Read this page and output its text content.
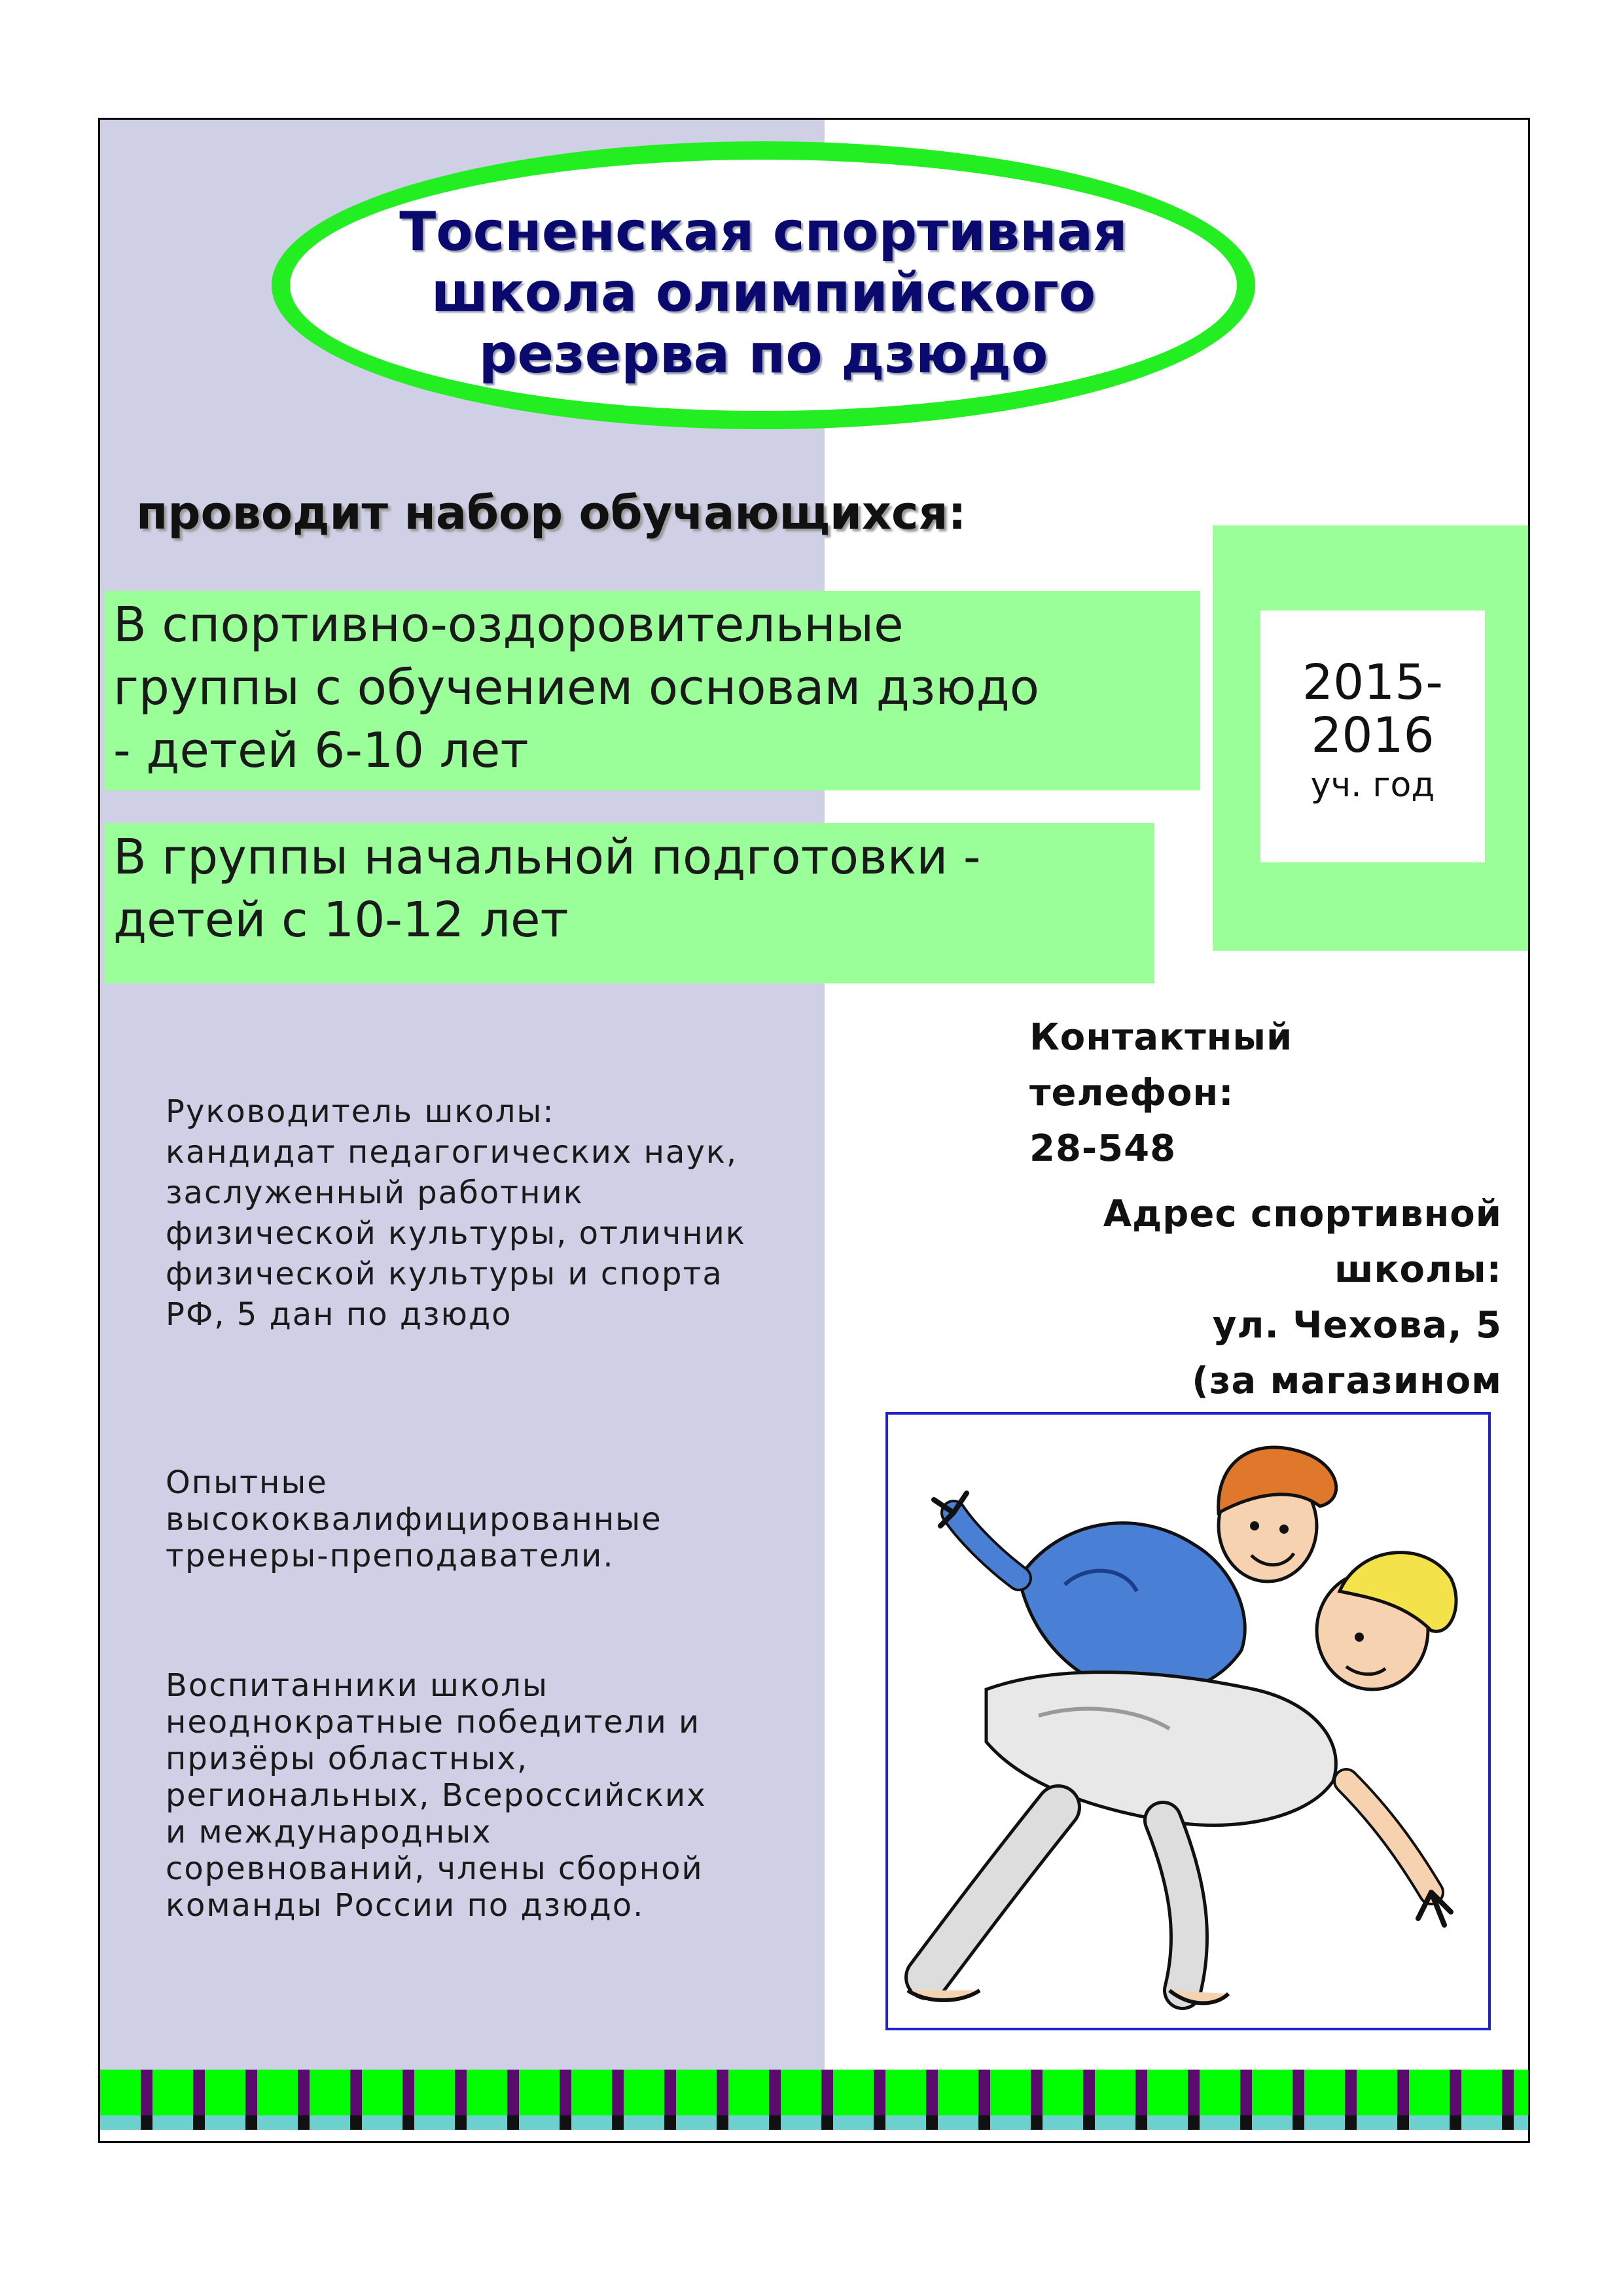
Тосненская спортивная
школа олимпийского
резерва по дзюдо
проводит набор обучающихся:
В спортивно-оздоровительные
группы с обучением основам дзюдо
- детей 6-10 лет
В группы начальной подготовки -
детей с 10-12 лет
2015-
2016
уч. год
Руководитель школы:
кандидат педагогических наук,
заслуженный работник
физической культуры, отличник
физической культуры и спорта
РФ, 5 дан по дзюдо
Опытные
высококвалифицированные
тренеры-преподаватели.
Воспитанники школы
неоднократные победители и
призёры областных,
региональных, Всероссийских
и международных
соревнований, члены сборной
команды России по дзюдо.
Контактный
телефон:
28-548
Адрес спортивной
школы:
ул. Чехова, 5
(за магазином
